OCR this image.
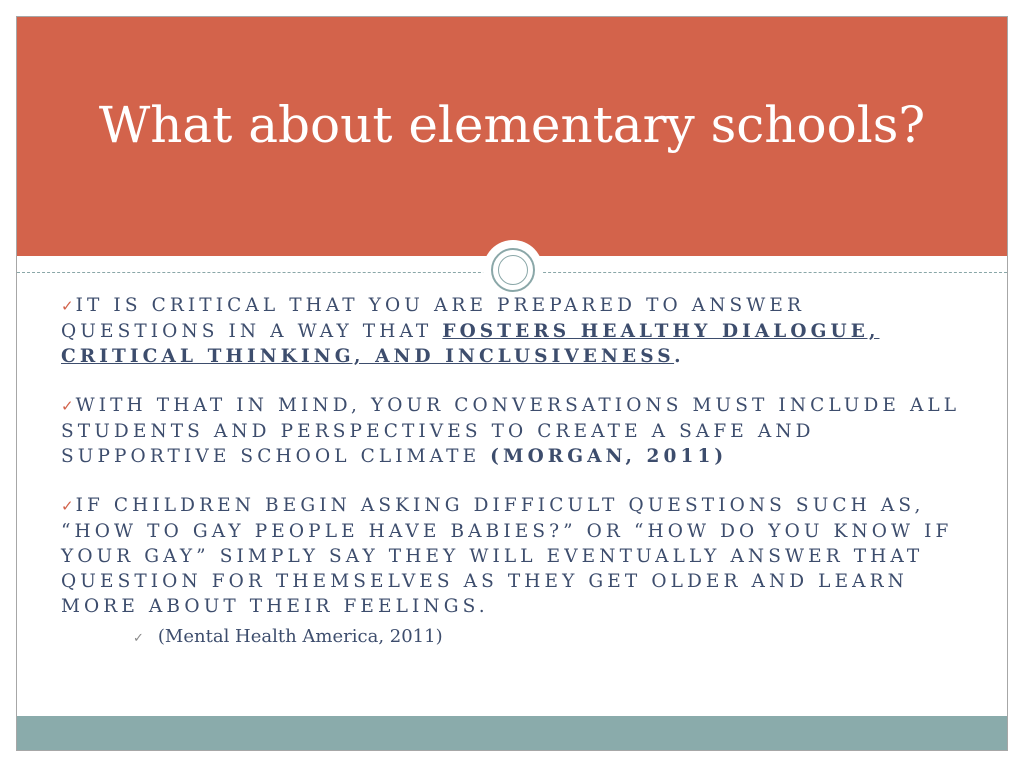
What about elementary schools?
✓ IT IS CRITICAL THAT YOU ARE PREPARED TO ANSWER QUESTIONS IN A WAY THAT FOSTERS HEALTHY DIALOGUE, CRITICAL THINKING, AND INCLUSIVENESS.
✓ WITH THAT IN MIND, YOUR CONVERSATIONS MUST INCLUDE ALL STUDENTS AND PERSPECTIVES TO CREATE A SAFE AND SUPPORTIVE SCHOOL CLIMATE (MORGAN, 2011)
✓ IF CHILDREN BEGIN ASKING DIFFICULT QUESTIONS SUCH AS, “HOW TO GAY PEOPLE HAVE BABIES?” OR “HOW DO YOU KNOW IF YOUR GAY” SIMPLY SAY THEY WILL EVENTUALLY ANSWER THAT QUESTION FOR THEMSELVES AS THEY GET OLDER AND LEARN MORE ABOUT THEIR FEELINGS.
✓ (Mental Health America, 2011)
